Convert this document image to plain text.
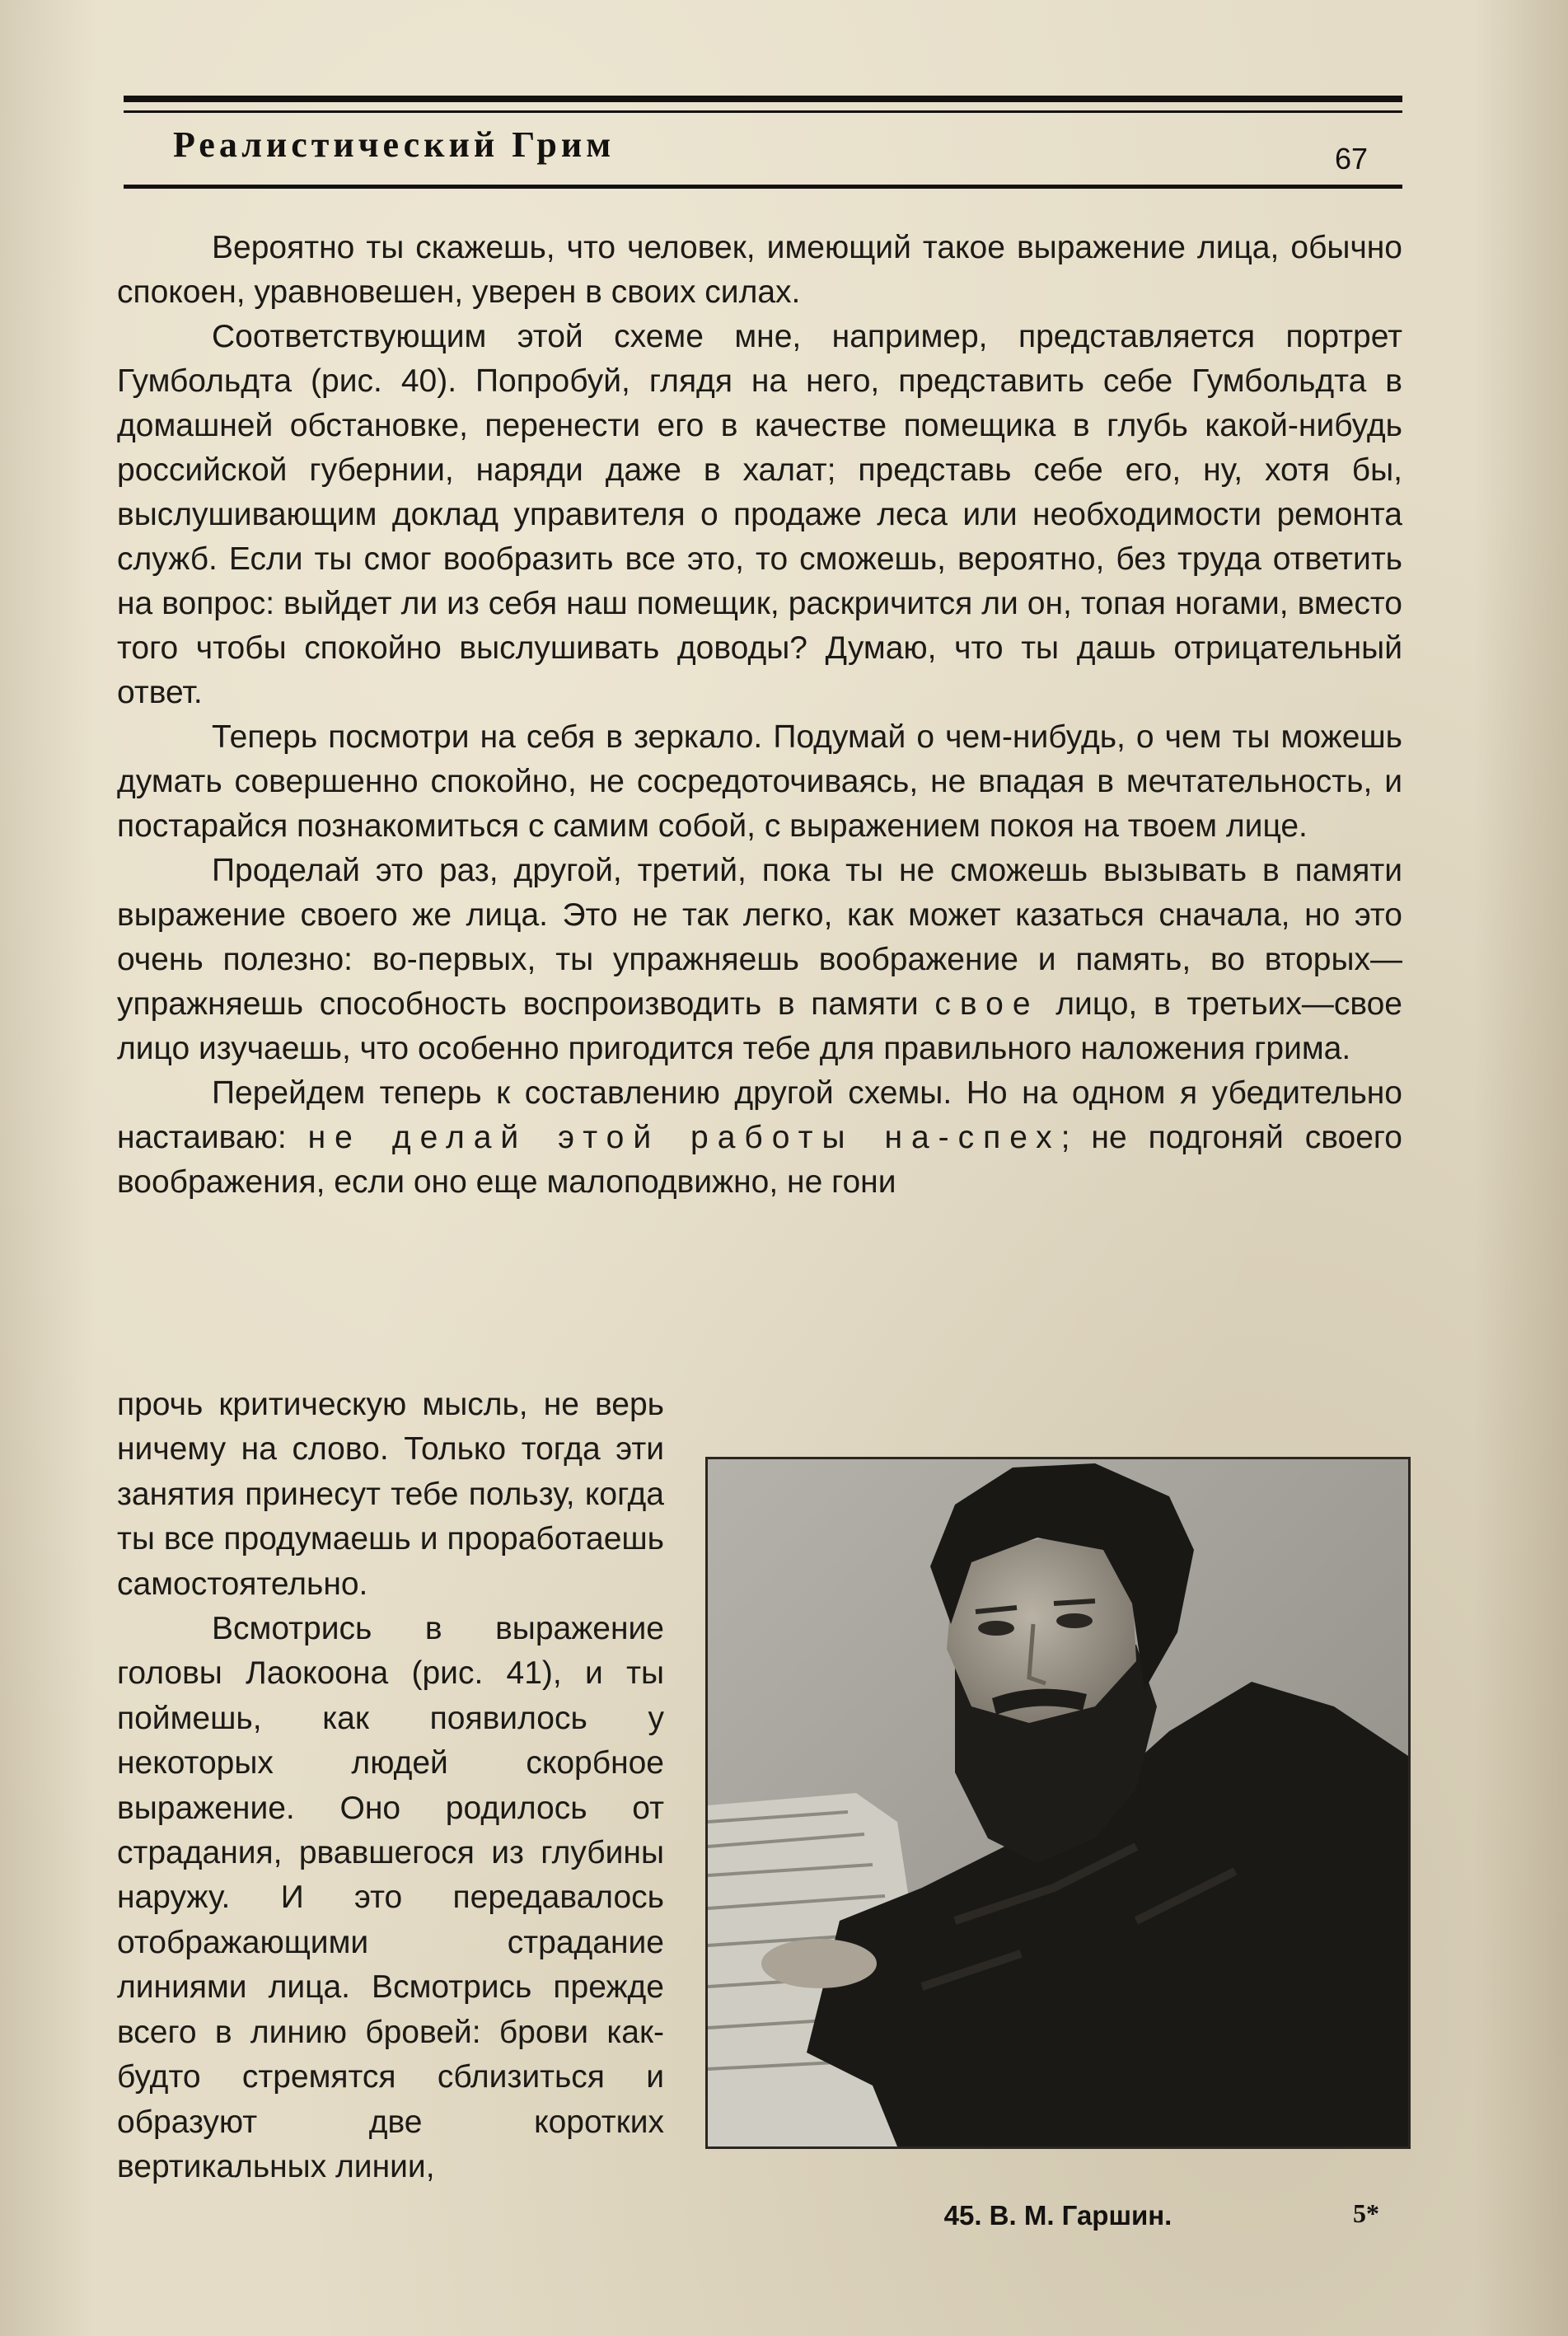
Реалистический Грим	67

Вероятно ты скажешь, что человек, имеющий такое выражение лица, обычно спокоен, уравновешен, уверен в своих силах.

Соответствующим этой схеме мне, например, представляется портрет Гумбольдта (рис. 40). Попробуй, глядя на него, представить себе Гумбольдта в домашней обстановке, перенести его в качестве помещика в глубь какой-нибудь российской губернии, наряди даже в халат; представь себе его, ну, хотя бы, выслушивающим доклад управителя о продаже леса или необходимости ремонта служб. Если ты смог вообразить все это, то сможешь, вероятно, без труда ответить на вопрос: выйдет ли из себя наш помещик, раскричится ли он, топая ногами, вместо того чтобы спокойно выслушивать доводы? Думаю, что ты дашь отрицательный ответ.

Теперь посмотри на себя в зеркало. Подумай о чем-нибудь, о чем ты можешь думать совершенно спокойно, не сосредоточиваясь, не впадая в мечтательность, и постарайся познакомиться с самим собой, с выражением покоя на твоем лице.

Проделай это раз, другой, третий, пока ты не сможешь вызывать в памяти выражение своего же лица. Это не так легко, как может казаться сначала, но это очень полезно: во-первых, ты упражняешь воображение и память, во вторых—упражняешь способность воспроизводить в памяти свое лицо, в третьих—свое лицо изучаешь, что особенно пригодится тебе для правильного наложения грима.

Перейдем теперь к составлению другой схемы. Но на одном я убедительно настаиваю: не делай этой работы на-спех; не подгоняй своего воображения, если оно еще малоподвижно, не гони

прочь критическую мысль, не верь ничему на слово. Только тогда эти занятия принесут тебе пользу, когда ты все продумаешь и проработаешь самостоятельно.

Всмотрись в выражение головы Лаокоона (рис. 41), и ты поймешь, как появилось у некоторых людей скорбное выражение. Оно родилось от страдания, рвавшегося из глубины наружу. И это передавалось отображающими страдание линиями лица. Всмотрись прежде всего в линию бровей: брови как-будто стремятся сблизиться и образуют две коротких вертикальных линии,

45. В. М. Гаршин.	5*
